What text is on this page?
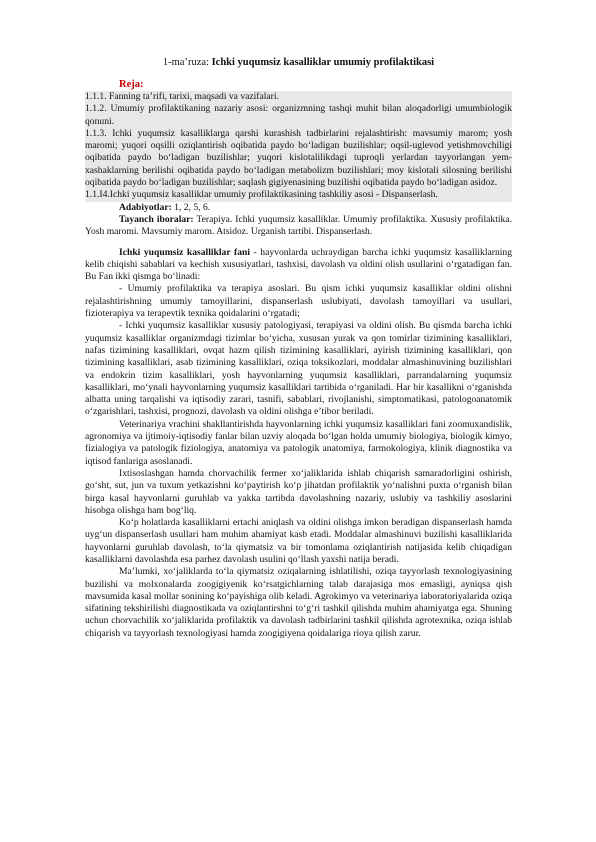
1-ma’ruza: Ichki yuqumsiz kasalliklar umumiy profilaktikasi
Reja:
1.1.1. Fanning ta’rifi, tarixi, maqsadi va vazifalari.
1.1.2. Umumiy profilaktikaning nazariy asosi: organizmning tashqi muhit bilan aloqadorligi umumbiologik qonuni.
1.1.3. Ichki yuqumsiz kasalliklarga qarshi kurashish tadbirlarini rejalashtirish: mavsumiy marom; yosh maromi; yuqori oqsilli oziqlantirish oqibatida paydo bo‘ladigan buzilishlar; oqsil-uglevod yetishmovchiligi oqibatida paydo bo‘ladigan buzilishlar; yuqori kislotalilikdagi tuproqli yerlardan tayyorlangan yem-xashaklarning berilishi oqibatida paydo bo‘ladigan metabolizm buzilishlari; moy kislotali silosning berilishi oqibatida paydo bo‘ladigan buzilishlar; saqlash gigiyenasining buzilishi oqibatida paydo bo‘ladigan asidoz.
1.1.I4.Ichki yuqumsiz kasalliklar umumiy profilaktikasining tashkiliy asosi - Dispanserlash.

Adabiyotlar: 1, 2, 5, 6.

Tayanch iboralar: Terapiya. Ichki yuqumsiz kasalliklar. Umumiy profilaktika. Xususiy profilaktika. Yosh maromi. Mavsumiy marom. Atsidoz. Urganish tartibi. Dispanserlash.

Ichki yuqumsiz kasalliklar fani - hayvonlarda uchraydigan barcha ichki yuqumsiz kasalliklarning kelib chiqishi sabablari va kechish xususiyatlari, tashxisi, davolash va oldini olish usullarini o‘rgatadigan fan. Bu Fan ikki qismga bo‘linadi:

- Umumiy profilaktika va terapiya asoslari. Bu qism ichki yuqumsiz kasalliklar oldini olishni rejalashtirishning umumiy tamoyillarini, dispanserlash uslubiyati, davolash tamoyillari va usullari, fizioterapiya va terapevtik texnika qoidalarini o‘rgatadi;

- Ichki yuqumsiz kasalliklar xususiy patologiyasi, terapiyasi va oldini olish. Bu qismda barcha ichki yuqumsiz kasalliklar organizmdagi tizimlar bo‘yicha, xususan yurak va qon tomirlar tizimining kasalliklari, nafas tizimining kasalliklari, ovqat hazm qilish tizimining kasalliklari, ayirish tizimining kasalliklari, qon tizimining kasalliklari, asab tizimining kasalliklari, oziqa toksikozlari, moddalar almashinuvining buzilishlari va endokrin tizim kasalliklari, yosh hayvonlarning yuqumsiz kasalliklari, parrandalarning yuqumsiz kasalliklari, mo‘ynali hayvonlarning yuqumsiz kasalliklari tartibida o‘rganiladi. Har bir kasallikni o‘rganishda albatta uning tarqalishi va iqtisodiy zarari, tasnifi, sabablari, rivojlanishi, simptomatikasi, patologoanatomik o‘zgarishlari, tashxisi, prognozi, davolash va oldini olishga e’tibor beriladi.

Veterinariya vrachini shakllantirishda hayvonlarning ichki yuqumsiz kasalliklari fani zoomuxandislik, agronomiya va ijtimoiy-iqtisodiy fanlar bilan uzviy aloqada bo‘lgan holda umumiy biologiya, biologik kimyo, fizialogiya va patologik fiziologiya, anatomiya va patologik anatomiya, farmokologiya, klinik diagnostika va iqtisod fanlariga asoslanadi.

Ixtisoslashgan hamda chorvachilik fermer xo‘jaliklarida ishlab chiqarish samaradorligini oshirish, go‘sht, sut, jun va tuxum yetkazishni ko‘paytirish ko‘p jihatdan profilaktik yo‘nalishni puxta o‘rganish bilan birga kasal hayvonlarni guruhlab va yakka tartibda davolashning nazariy, uslubiy va tashkiliy asoslarini hisobga olishga ham bog‘liq.

Ko‘p holatlarda kasalliklarni ertachi aniqlash va oldini olishga imkon beradigan dispanserlash hamda uyg‘un dispanserlash usullari ham muhim ahamiyat kasb etadi. Moddalar almashinuvi buzilishi kasalliklarida hayvonlarni guruhlab davolash, to‘la qiymatsiz va bir tomonlama oziqlantirish natijasida kelib chiqadigan kasalliklarni davolashda esa parhez davolash usulini qo‘llash yaxshi natija beradi.

Ma’lumki, xo‘jaliklarda to‘la qiymatsiz oziqalarning ishlatilishi, oziqa tayyorlash texnologiyasining buzilishi va molxonalarda zoogigiyenik ko‘rsatgichlarning talab darajasiga mos emasligi, ayniqsa qish mavsumida kasal mollar sonining ko‘payishiga olib keladi. Agrokimyo va veterinariya laboratoriyalarida oziqa sifatining tekshirilishi diagnostikada va oziqlantirshni to‘g‘ri tashkil qilishda muhim ahamiyatga ega. Shuning uchun chorvachilik xo‘jaliklarida profilaktik va davolash tadbirlarini tashkil qilishda agrotexnika, oziqa ishlab chiqarish va tayyorlash texnologiyasi hamda zoogigiyena qoidalariga rioya qilish zarur.
